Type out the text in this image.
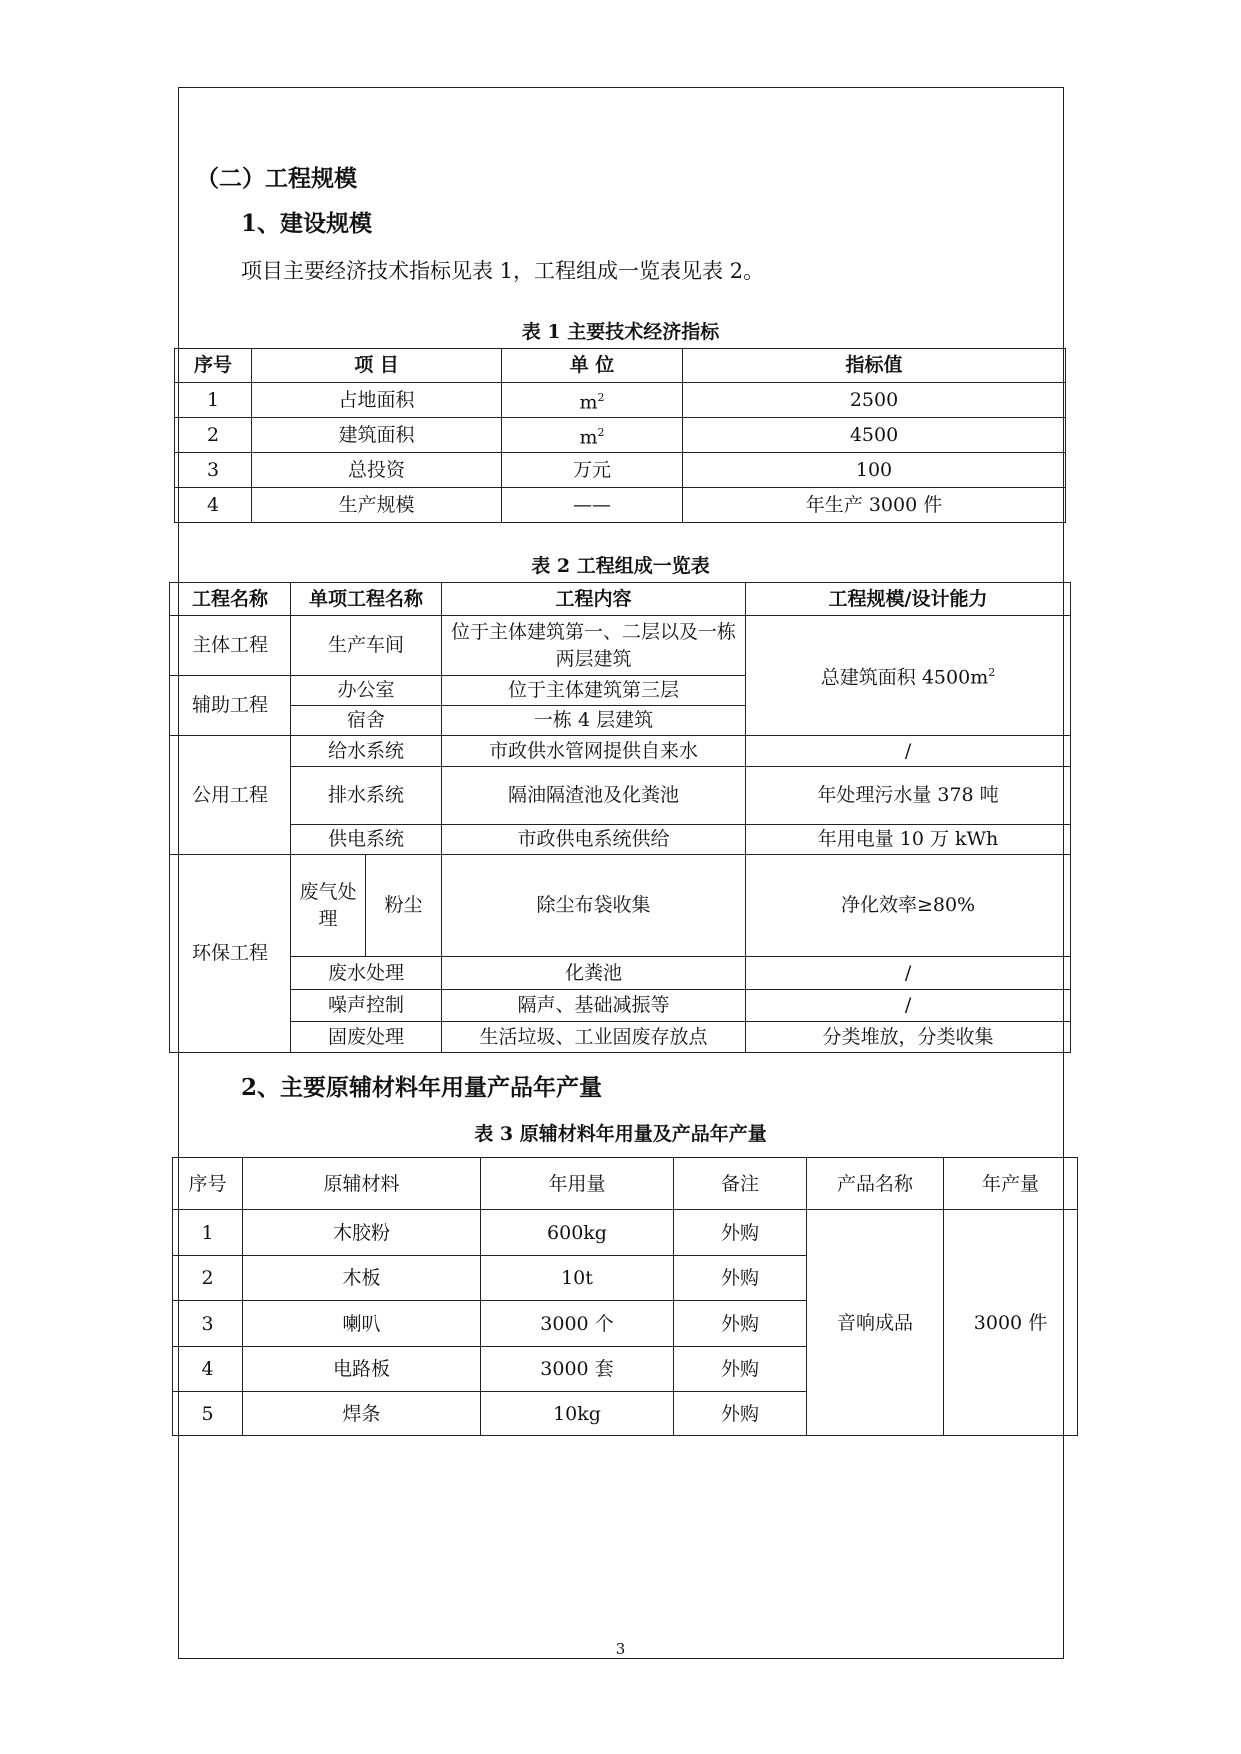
（二）工程规模
1、建设规模
项目主要经济技术指标见表 1，工程组成一览表见表 2。
表 1 主要技术经济指标
序号	项 目	单 位	指标值
1	占地面积	$m^2$	2500
2	建筑面积	$m^2$	4500
3	总投资	万元	100
4	生产规模	——	年生产 3000 件
表 2 工程组成一览表
工程名称	单项工程名称		工程内容	工程规模/设计能力
主体工程	生产车间		位于主体建筑第一、二层以及一栋两层建筑	总建筑面积 $4500m^2$
辅助工程	办公室		位于主体建筑第三层	
	宿舍		一栋 4 层建筑	
公用工程	给水系统		市政供水管网提供自来水	/
	排水系统		隔油隔渣池及化粪池	年处理污水量 378 吨
	供电系统		市政供电系统供给	年用电量 10 万 kWh
环保工程	废气处理	粉尘	除尘布袋收集	净化效率≥80%
	废水处理		化粪池	/
	噪声控制		隔声、基础减振等	/
	固废处理		生活垃圾、工业固废存放点	分类堆放，分类收集
2、主要原辅材料年用量产品年产量
表 3 原辅材料年用量及产品年产量
序号	原辅材料	年用量	备注	产品名称	年产量
1	木胶粉	600kg	外购	音响成品	3000 件
2	木板	10t	外购		
3	喇叭	3000 个	外购		
4	电路板	3000 套	外购		
5	焊条	10kg	外购		
3
